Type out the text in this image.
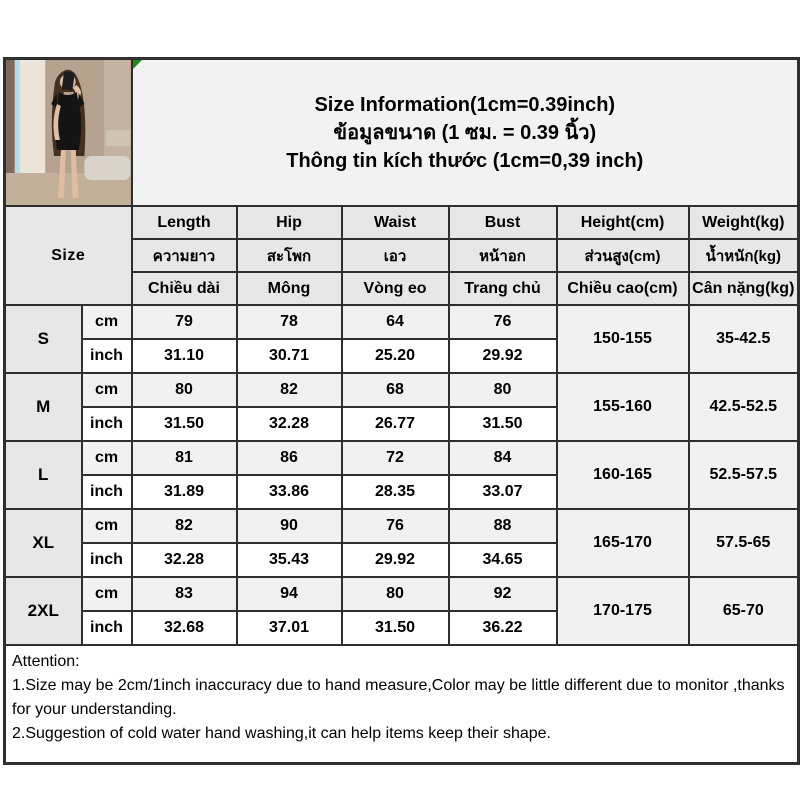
Size Information(1cm=0.39inch)
ข้อมูลขนาด (1 ซม. = 0.39 นิ้ว)
Thông tin kích thước (1cm=0,39 inch)					

Size		Length	Hip	Waist	Bust	Height(cm)	Weight(kg)
		ความยาว	สะโพก	เอว	หน้าอก	ส่วนสูง(cm)	น้ำหนัก(kg)
		Chiều dài	Mông	Vòng eo	Trang chủ	Chiều cao(cm)	Cân nặng(kg)
S	cm	79	78	64	76	150-155	35-42.5
	inch	31.10	30.71	25.20	29.92		
M	cm	80	82	68	80	155-160	42.5-52.5
	inch	31.50	32.28	26.77	31.50		
L	cm	81	86	72	84	160-165	52.5-57.5
	inch	31.89	33.86	28.35	33.07		
XL	cm	82	90	76	88	165-170	57.5-65
	inch	32.28	35.43	29.92	34.65		
2XL	cm	83	94	80	92	170-175	65-70
	inch	32.68	37.01	31.50	36.22		

Attention:
1.Size may be 2cm/1inch inaccuracy due to hand measure,Color may be little different due to monitor ,thanks for your understanding.
2.Suggestion of cold water hand washing,it can help items keep their shape.							
